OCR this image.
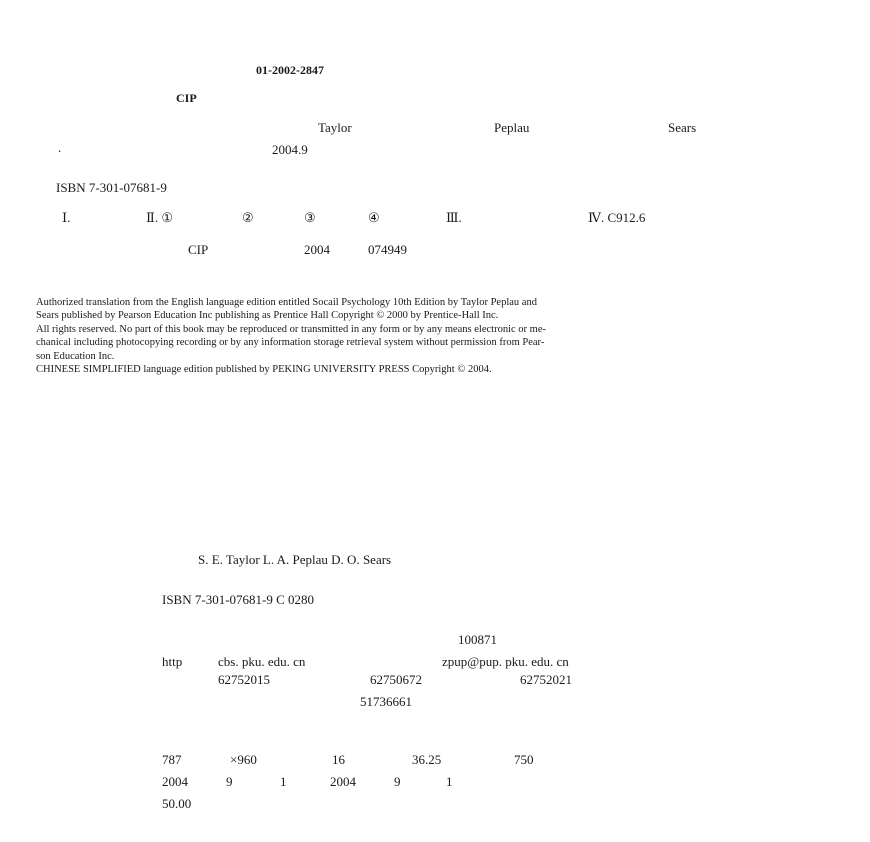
01-2002-2847
CIP
Taylor	Peplau	Sears
.	2004.9
ISBN 7-301-07681-9
Ⅰ.	Ⅱ. ①	②	③	④	Ⅲ.	Ⅳ. C912.6
CIP	2004	074949
Authorized translation from the English language edition entitled Socail Psychology 10th Edition by Taylor Peplau and
Sears published by Pearson Education Inc publishing as Prentice Hall Copyright © 2000 by Prentice-Hall Inc.
All rights reserved. No part of this book may be reproduced or transmitted in any form or by any means electronic or me-
chanical including photocopying recording or by any information storage retrieval system without permission from Pear-
son Education Inc.
CHINESE SIMPLIFIED language edition published by PEKING UNIVERSITY PRESS Copyright © 2004.
S. E. Taylor L. A. Peplau D. O. Sears
ISBN 7-301-07681-9 C 0280
100871
http	cbs. pku. edu. cn	zpup@pup. pku. edu. cn
62752015	62750672	62752021
51736661
787	×960	16	36.25	750
2004	9	1	2004	9	1
50.00
